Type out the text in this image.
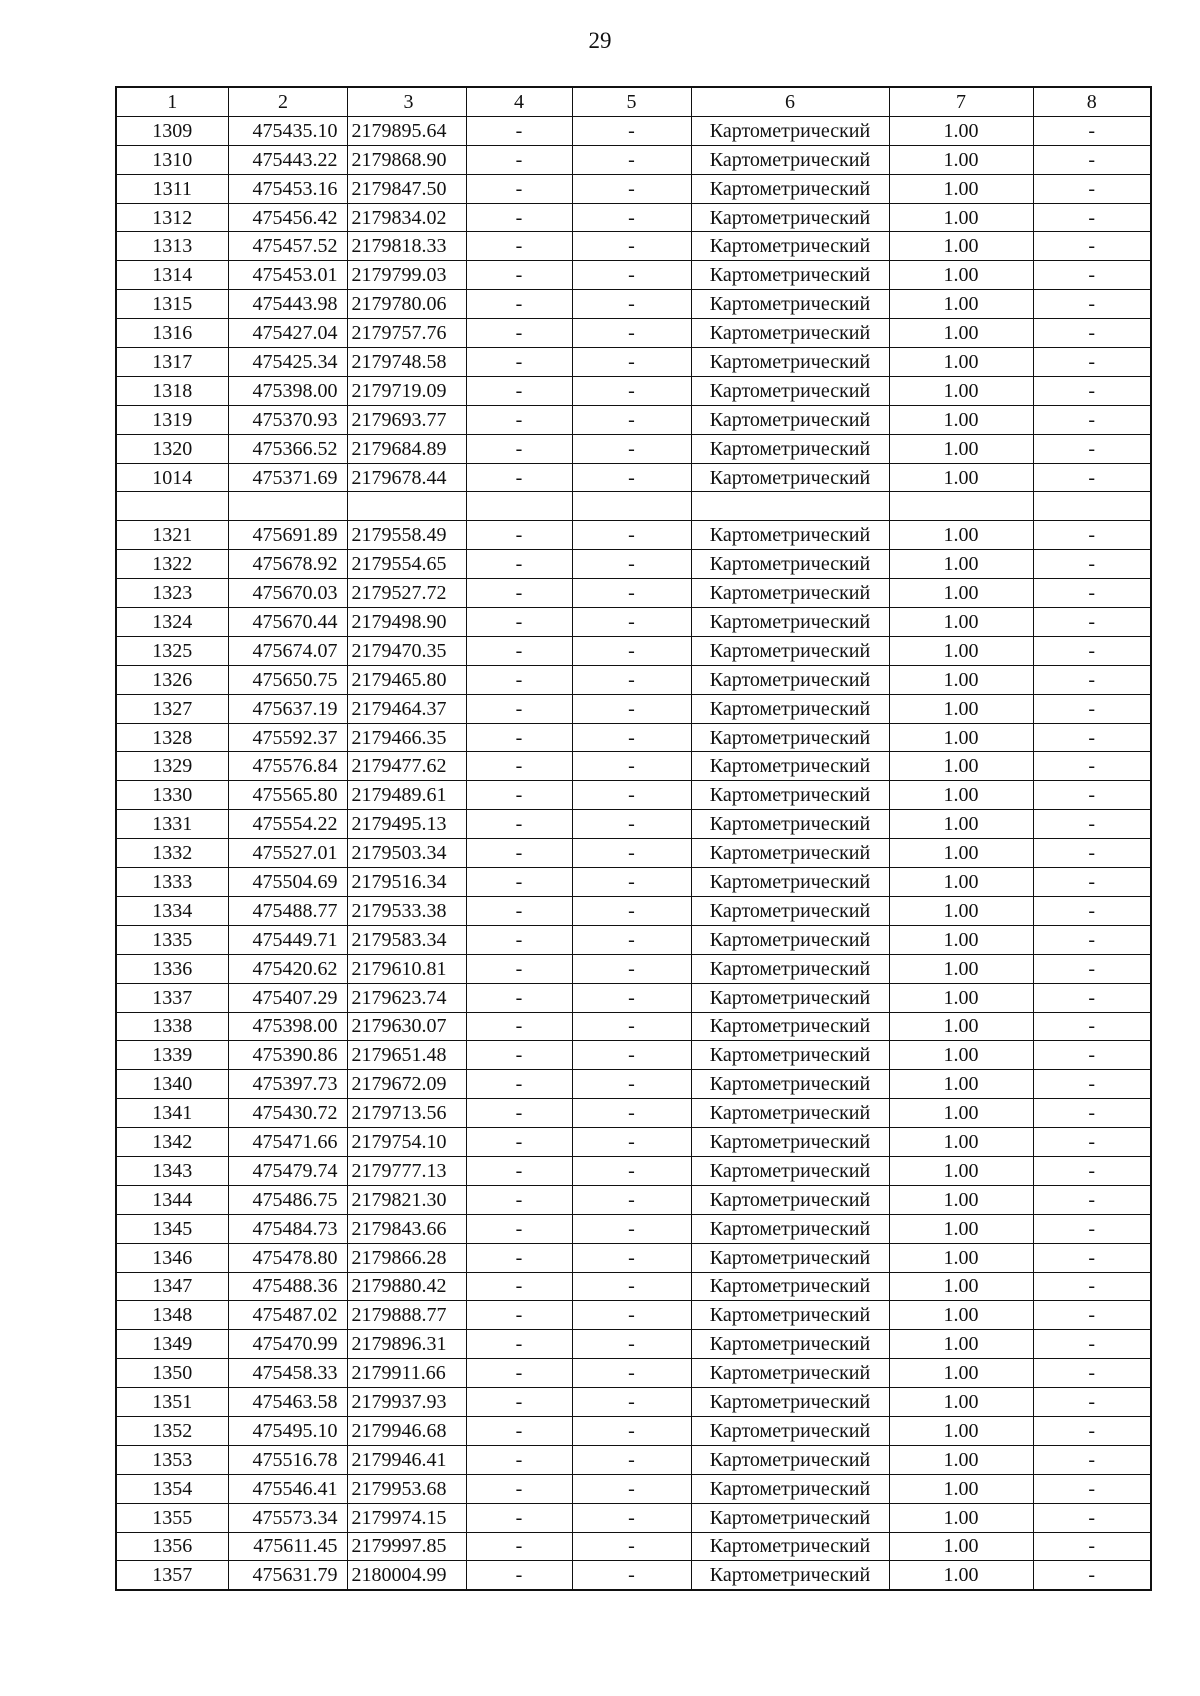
29
1	2	3	4	5	6	7	8
1309	475435.10	2179895.64	-	-	Картометрический	1.00	-
1310	475443.22	2179868.90	-	-	Картометрический	1.00	-
1311	475453.16	2179847.50	-	-	Картометрический	1.00	-
1312	475456.42	2179834.02	-	-	Картометрический	1.00	-
1313	475457.52	2179818.33	-	-	Картометрический	1.00	-
1314	475453.01	2179799.03	-	-	Картометрический	1.00	-
1315	475443.98	2179780.06	-	-	Картометрический	1.00	-
1316	475427.04	2179757.76	-	-	Картометрический	1.00	-
1317	475425.34	2179748.58	-	-	Картометрический	1.00	-
1318	475398.00	2179719.09	-	-	Картометрический	1.00	-
1319	475370.93	2179693.77	-	-	Картометрический	1.00	-
1320	475366.52	2179684.89	-	-	Картометрический	1.00	-
1014	475371.69	2179678.44	-	-	Картометрический	1.00	-

1321	475691.89	2179558.49	-	-	Картометрический	1.00	-
1322	475678.92	2179554.65	-	-	Картометрический	1.00	-
1323	475670.03	2179527.72	-	-	Картометрический	1.00	-
1324	475670.44	2179498.90	-	-	Картометрический	1.00	-
1325	475674.07	2179470.35	-	-	Картометрический	1.00	-
1326	475650.75	2179465.80	-	-	Картометрический	1.00	-
1327	475637.19	2179464.37	-	-	Картометрический	1.00	-
1328	475592.37	2179466.35	-	-	Картометрический	1.00	-
1329	475576.84	2179477.62	-	-	Картометрический	1.00	-
1330	475565.80	2179489.61	-	-	Картометрический	1.00	-
1331	475554.22	2179495.13	-	-	Картометрический	1.00	-
1332	475527.01	2179503.34	-	-	Картометрический	1.00	-
1333	475504.69	2179516.34	-	-	Картометрический	1.00	-
1334	475488.77	2179533.38	-	-	Картометрический	1.00	-
1335	475449.71	2179583.34	-	-	Картометрический	1.00	-
1336	475420.62	2179610.81	-	-	Картометрический	1.00	-
1337	475407.29	2179623.74	-	-	Картометрический	1.00	-
1338	475398.00	2179630.07	-	-	Картометрический	1.00	-
1339	475390.86	2179651.48	-	-	Картометрический	1.00	-
1340	475397.73	2179672.09	-	-	Картометрический	1.00	-
1341	475430.72	2179713.56	-	-	Картометрический	1.00	-
1342	475471.66	2179754.10	-	-	Картометрический	1.00	-
1343	475479.74	2179777.13	-	-	Картометрический	1.00	-
1344	475486.75	2179821.30	-	-	Картометрический	1.00	-
1345	475484.73	2179843.66	-	-	Картометрический	1.00	-
1346	475478.80	2179866.28	-	-	Картометрический	1.00	-
1347	475488.36	2179880.42	-	-	Картометрический	1.00	-
1348	475487.02	2179888.77	-	-	Картометрический	1.00	-
1349	475470.99	2179896.31	-	-	Картометрический	1.00	-
1350	475458.33	2179911.66	-	-	Картометрический	1.00	-
1351	475463.58	2179937.93	-	-	Картометрический	1.00	-
1352	475495.10	2179946.68	-	-	Картометрический	1.00	-
1353	475516.78	2179946.41	-	-	Картометрический	1.00	-
1354	475546.41	2179953.68	-	-	Картометрический	1.00	-
1355	475573.34	2179974.15	-	-	Картометрический	1.00	-
1356	475611.45	2179997.85	-	-	Картометрический	1.00	-
1357	475631.79	2180004.99	-	-	Картометрический	1.00	-
